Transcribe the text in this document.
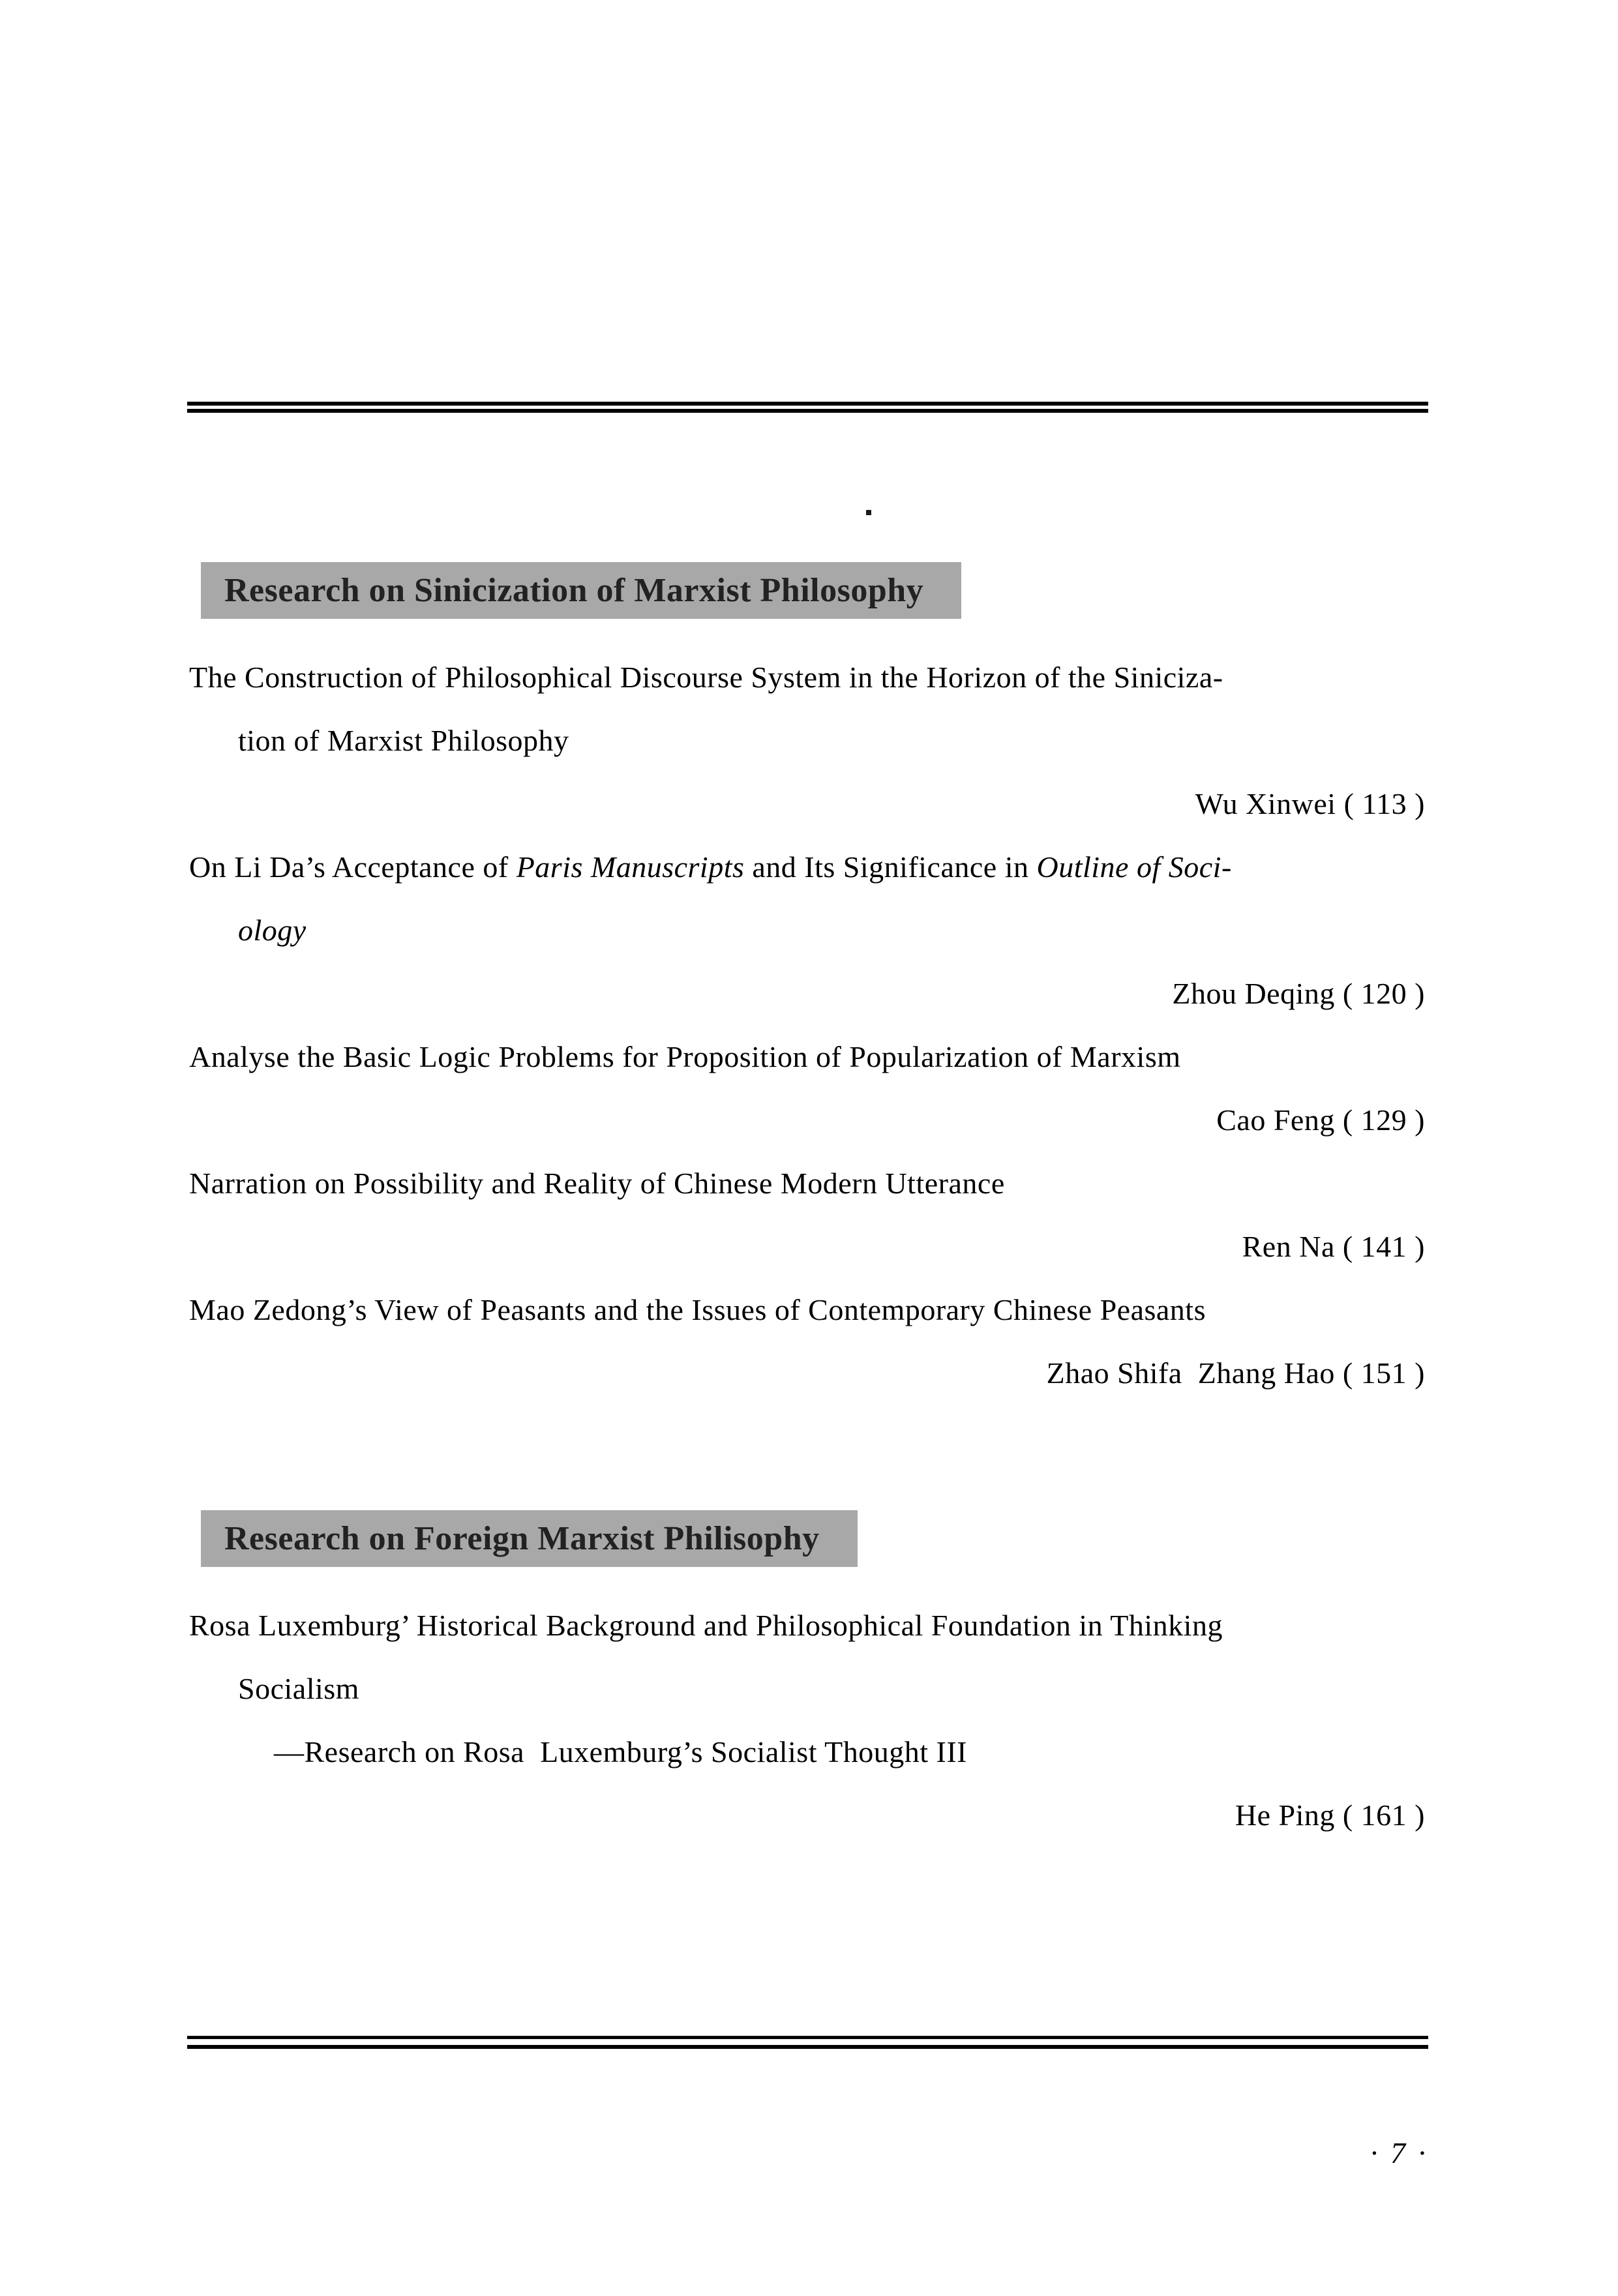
Research on Sinicization of Marxist Philosophy
The Construction of Philosophical Discourse System in the Horizon of the Siniciza-
tion of Marxist Philosophy
Wu Xinwei ( 113 )
On Li Da’s Acceptance of Paris Manuscripts and Its Significance in Outline of Soci-
ology
Zhou Deqing ( 120 )
Analyse the Basic Logic Problems for Proposition of Popularization of Marxism
Cao Feng ( 129 )
Narration on Possibility and Reality of Chinese Modern Utterance
Ren Na ( 141 )
Mao Zedong’s View of Peasants and the Issues of Contemporary Chinese Peasants
Zhao Shifa  Zhang Hao ( 151 )
Research on Foreign Marxist Philisophy
Rosa Luxemburg’ Historical Background and Philosophical Foundation in Thinking
Socialism
—Research on Rosa  Luxemburg’s Socialist Thought III
He Ping ( 161 )
· 7 ·
